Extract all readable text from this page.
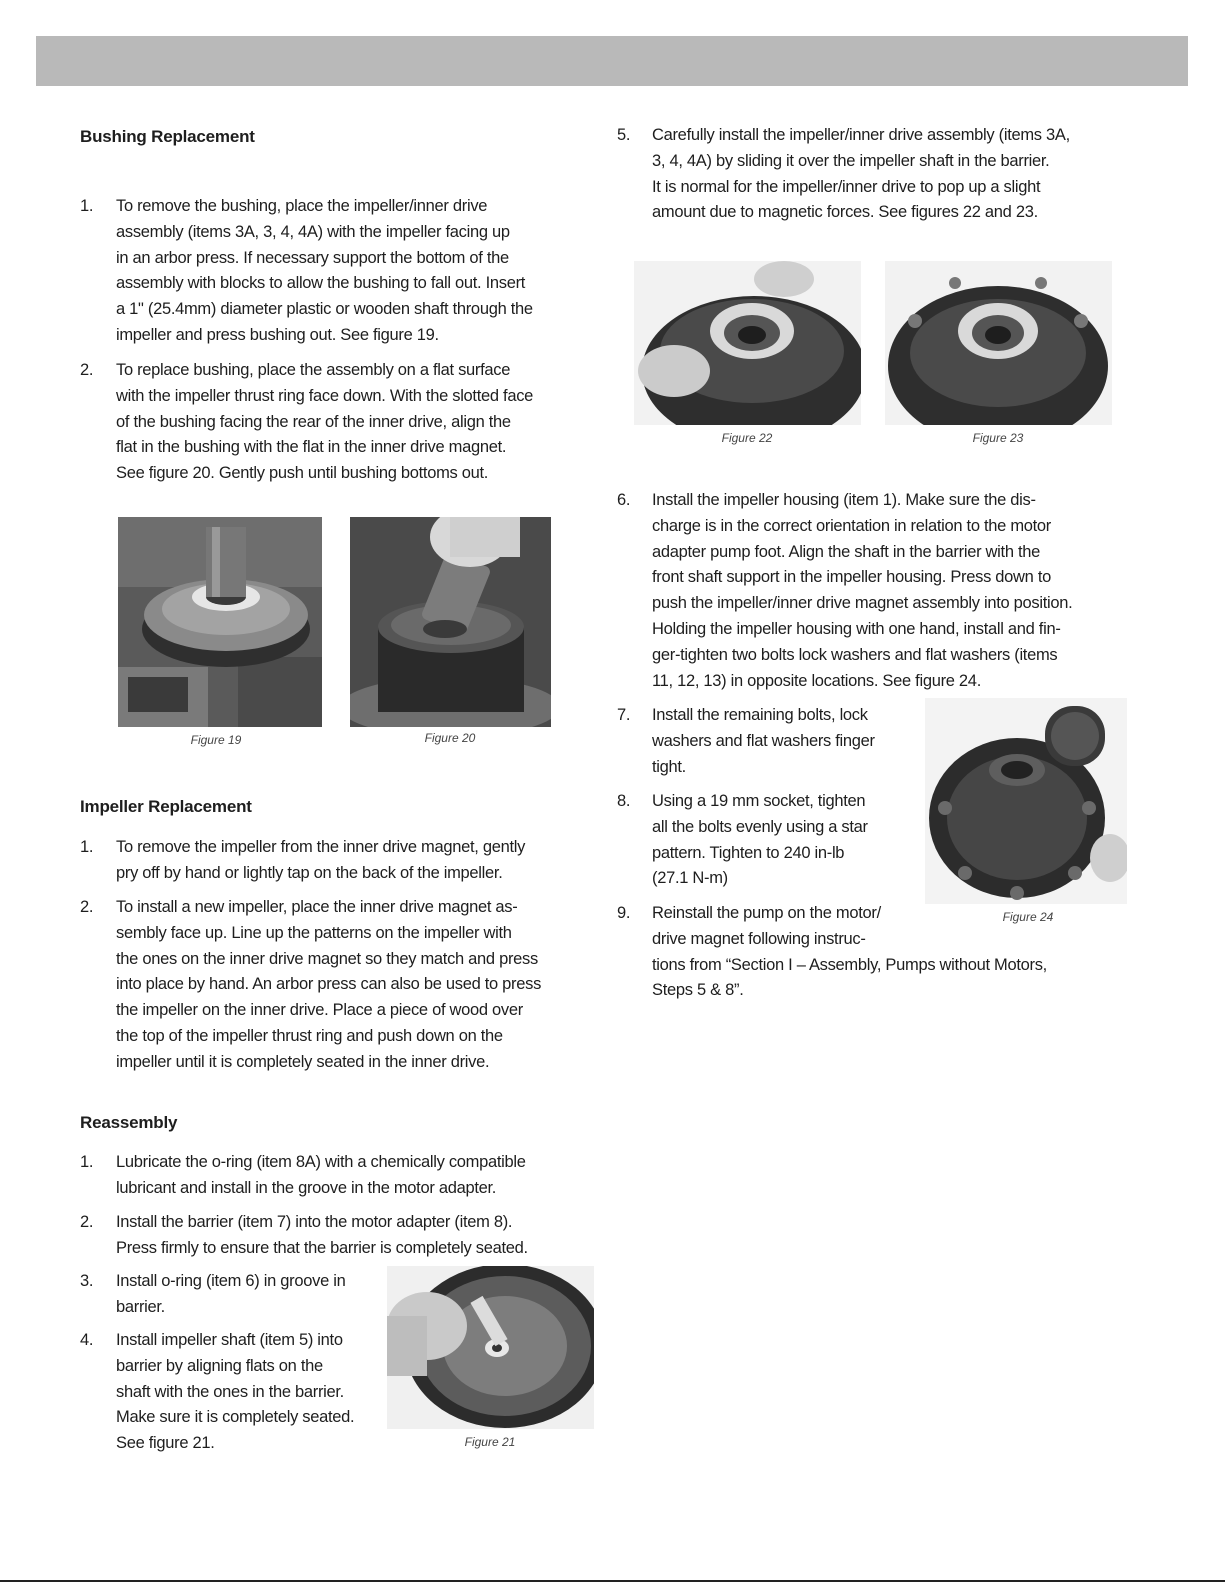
Bushing Replacement
1. To remove the bushing, place the impeller/inner drive
assembly (items 3A, 3, 4, 4A) with the impeller facing up
in an arbor press. If necessary support the bottom of the
assembly with blocks to allow the bushing to fall out. Insert
a 1" (25.4mm) diameter plastic or wooden shaft through the
impeller and press bushing out. See figure 19.
2. To replace bushing, place the assembly on a flat surface
with the impeller thrust ring face down. With the slotted face
of the bushing facing the rear of the inner drive, align the
flat in the bushing with the flat in the inner drive magnet.
See figure 20. Gently push until bushing bottoms out.
Figure 19	Figure 20
Impeller Replacement
1. To remove the impeller from the inner drive magnet, gently
pry off by hand or lightly tap on the back of the impeller.
2. To install a new impeller, place the inner drive magnet as-
sembly face up. Line up the patterns on the impeller with
the ones on the inner drive magnet so they match and press
into place by hand. An arbor press can also be used to press
the impeller on the inner drive. Place a piece of wood over
the top of the impeller thrust ring and push down on the
impeller until it is completely seated in the inner drive.
Reassembly
1. Lubricate the o-ring (item 8A) with a chemically compatible
lubricant and install in the groove in the motor adapter.
2. Install the barrier (item 7) into the motor adapter (item 8).
Press firmly to ensure that the barrier is completely seated.
3. Install o-ring (item 6) in groove in
barrier.
4. Install impeller shaft (item 5) into
barrier by aligning flats on the
shaft with the ones in the barrier.
Make sure it is completely seated.
See figure 21.	Figure 21
5. Carefully install the impeller/inner drive assembly (items 3A,
3, 4, 4A) by sliding it over the impeller shaft in the barrier.
It is normal for the impeller/inner drive to pop up a slight
amount due to magnetic forces. See figures 22 and 23.
Figure 22	Figure 23
6. Install the impeller housing (item 1). Make sure the dis-
charge is in the correct orientation in relation to the motor
adapter pump foot. Align the shaft in the barrier with the
front shaft support in the impeller housing. Press down to
push the impeller/inner drive magnet assembly into position.
Holding the impeller housing with one hand, install and fin-
ger-tighten two bolts lock washers and flat washers (items
11, 12, 13) in opposite locations. See figure 24.
7. Install the remaining bolts, lock
washers and flat washers finger
tight.
8. Using a 19 mm socket, tighten
all the bolts evenly using a star
pattern. Tighten to 240 in-lb
(27.1 N-m)
9. Reinstall the pump on the motor/
drive magnet following instruc-
tions from “Section I – Assembly, Pumps without Motors,
Steps 5 & 8”.
Figure 24
